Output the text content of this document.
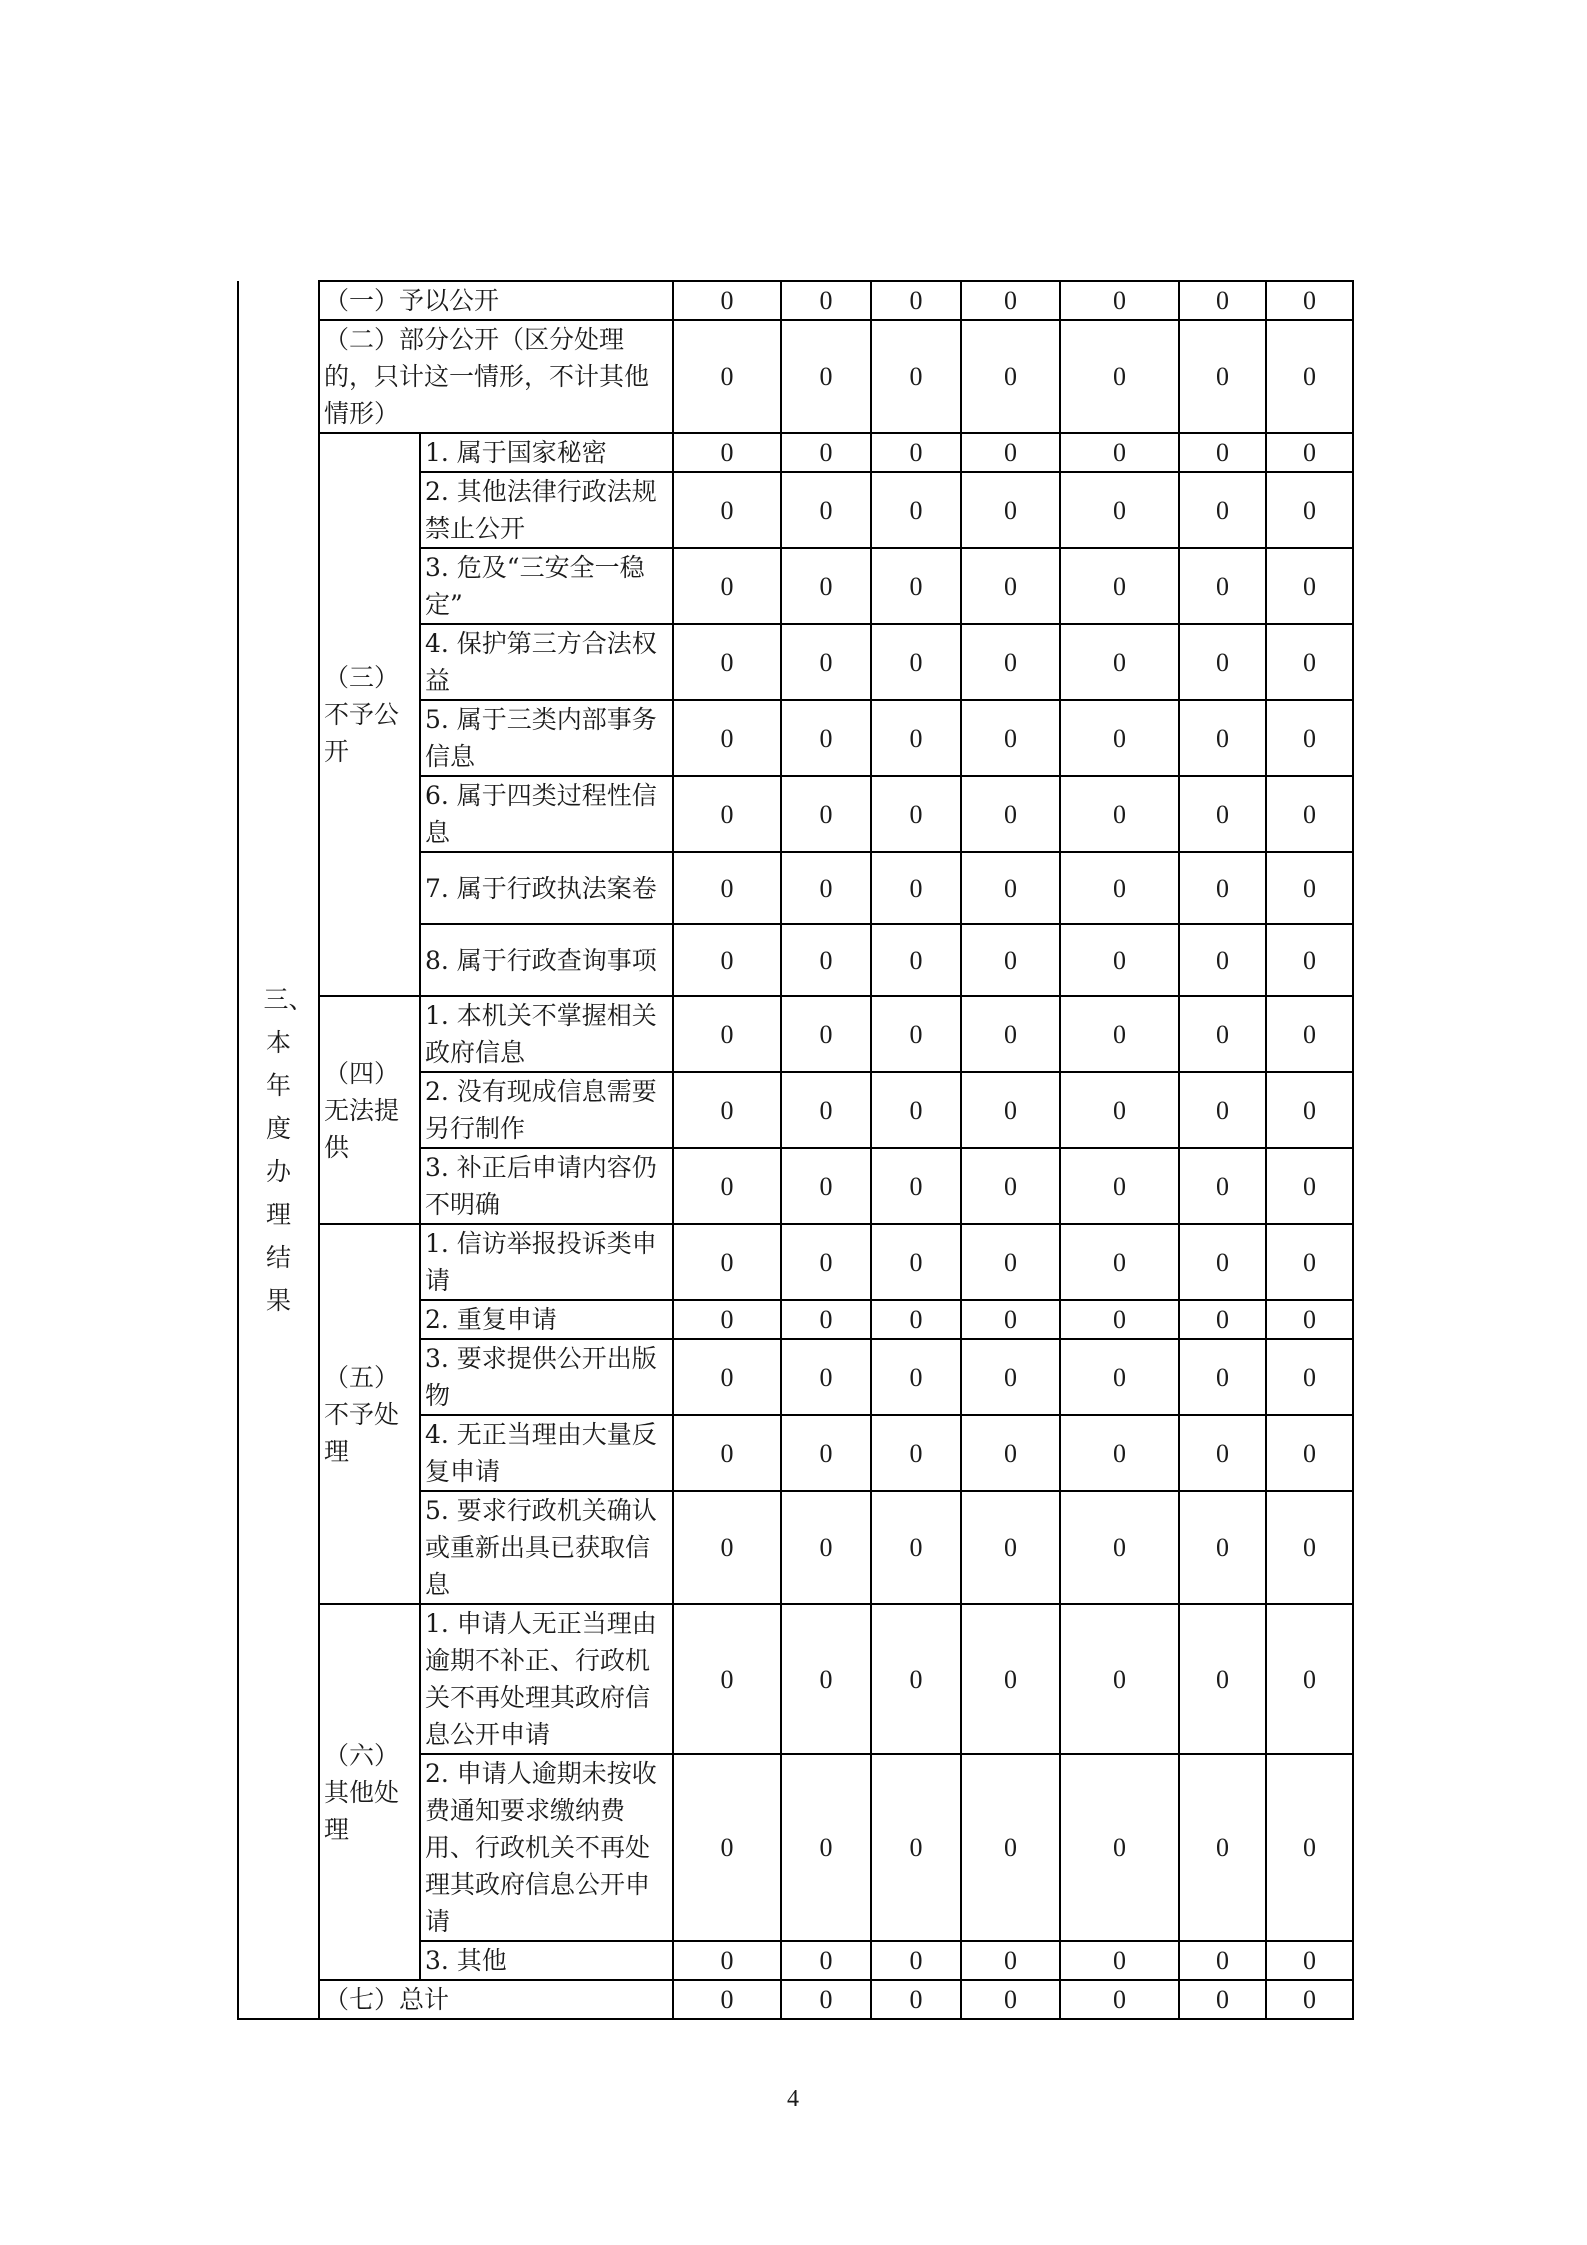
三、本年度办理结果	（一）予以公开		0	0	0	0	0	0	0
	（二）部分公开（区分处理的，只计这一情形，不计其他情形）		0	0	0	0	0	0	0
	（三）不予公开	1. 属于国家秘密	0	0	0	0	0	0	0
		2. 其他法律行政法规禁止公开	0	0	0	0	0	0	0
		3. 危及“三安全一稳定”	0	0	0	0	0	0	0
		4. 保护第三方合法权益	0	0	0	0	0	0	0
		5. 属于三类内部事务信息	0	0	0	0	0	0	0
		6. 属于四类过程性信息	0	0	0	0	0	0	0
		7. 属于行政执法案卷	0	0	0	0	0	0	0
		8. 属于行政查询事项	0	0	0	0	0	0	0
	（四）无法提供	1. 本机关不掌握相关政府信息	0	0	0	0	0	0	0
		2. 没有现成信息需要另行制作	0	0	0	0	0	0	0
		3. 补正后申请内容仍不明确	0	0	0	0	0	0	0
	（五）不予处理	1. 信访举报投诉类申请	0	0	0	0	0	0	0
		2. 重复申请	0	0	0	0	0	0	0
		3. 要求提供公开出版物	0	0	0	0	0	0	0
		4. 无正当理由大量反复申请	0	0	0	0	0	0	0
		5. 要求行政机关确认或重新出具已获取信息	0	0	0	0	0	0	0
	（六）其他处理	1. 申请人无正当理由逾期不补正、行政机关不再处理其政府信息公开申请	0	0	0	0	0	0	0
		2. 申请人逾期未按收费通知要求缴纳费用、行政机关不再处理其政府信息公开申请	0	0	0	0	0	0	0
		3. 其他	0	0	0	0	0	0	0
	（七）总计		0	0	0	0	0	0	0
4
